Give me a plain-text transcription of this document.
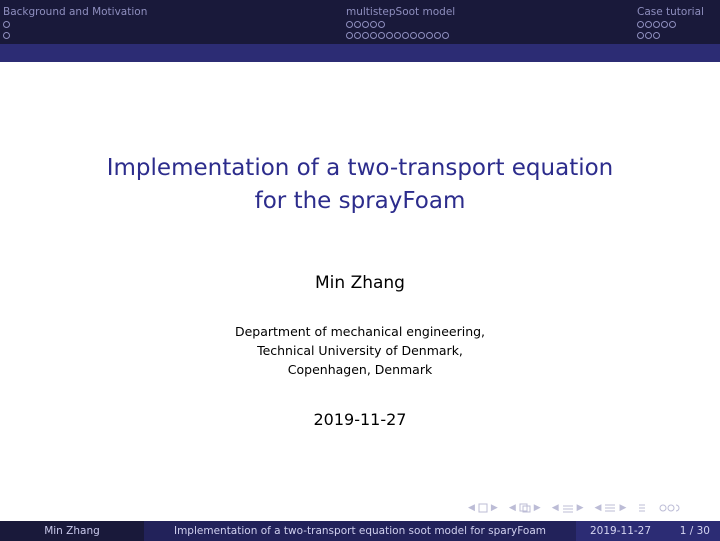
Background and Motivation	multistepSoot model	Case tutorial
Implementation of a two-transport equation
for the sprayFoam
Min Zhang
Department of mechanical engineering,
Technical University of Denmark,
Copenhagen, Denmark
2019-11-27
◀ ▶ ◀ ▶ ◀ ▶ ◀ ▶
Min Zhang	Implementation of a two-transport equation soot model for sparyFoam	2019-11-27	1 / 30
